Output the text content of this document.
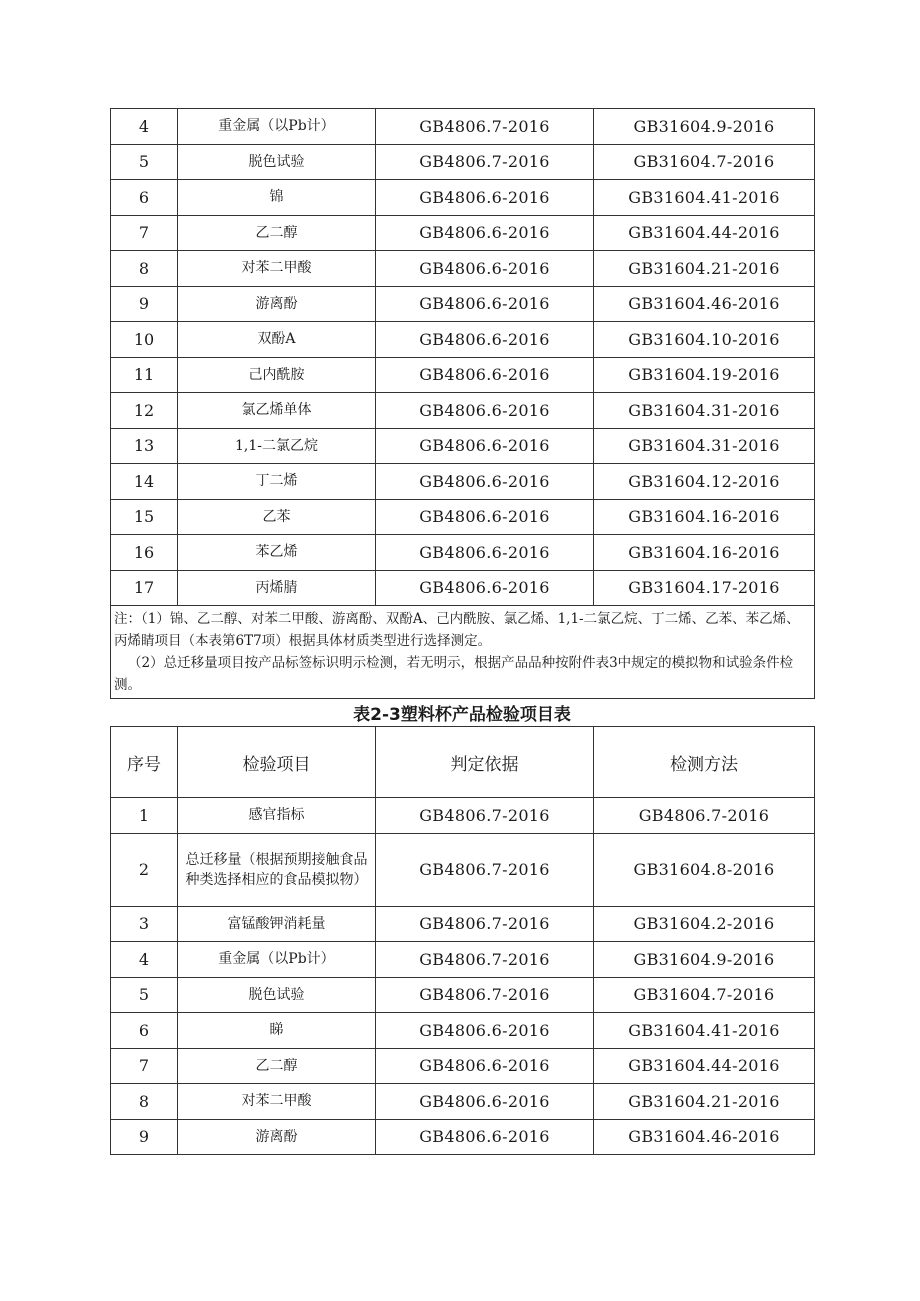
4	重金属（以Pb计）	GB4806.7-2016	GB31604.9-2016
5	脱色试验	GB4806.7-2016	GB31604.7-2016
6	锦	GB4806.6-2016	GB31604.41-2016
7	乙二醇	GB4806.6-2016	GB31604.44-2016
8	对苯二甲酸	GB4806.6-2016	GB31604.21-2016
9	游离酚	GB4806.6-2016	GB31604.46-2016
10	双酚A	GB4806.6-2016	GB31604.10-2016
11	己内酰胺	GB4806.6-2016	GB31604.19-2016
12	氯乙烯单体	GB4806.6-2016	GB31604.31-2016
13	1,1-二氯乙烷	GB4806.6-2016	GB31604.31-2016
14	丁二烯	GB4806.6-2016	GB31604.12-2016
15	乙苯	GB4806.6-2016	GB31604.16-2016
16	苯乙烯	GB4806.6-2016	GB31604.16-2016
17	丙烯腈	GB4806.6-2016	GB31604.17-2016
注：（1）锦、乙二醇、对苯二甲酸、游离酚、双酚A、己内酰胺、氯乙烯、1,1-二氯乙烷、丁二烯、乙苯、苯乙烯、丙烯睛项目（本表第6T7项）根据具体材质类型进行选择测定。
（2）总迁移量项目按产品标签标识明示检测，若无明示，根据产品品种按附件表3中规定的模拟物和试验条件检测。			
表2-3塑料杯产品检验项目表
序号	检验项目	判定依据	检测方法
1	感官指标	GB4806.7-2016	GB4806.7-2016
2	总迁移量（根据预期接触食品种类选择相应的食品模拟物）	GB4806.7-2016	GB31604.8-2016
3	富锰酸钾消耗量	GB4806.7-2016	GB31604.2-2016
4	重金属（以Pb计）	GB4806.7-2016	GB31604.9-2016
5	脱色试验	GB4806.7-2016	GB31604.7-2016
6	睇	GB4806.6-2016	GB31604.41-2016
7	乙二醇	GB4806.6-2016	GB31604.44-2016
8	对苯二甲酸	GB4806.6-2016	GB31604.21-2016
9	游离酚	GB4806.6-2016	GB31604.46-2016
